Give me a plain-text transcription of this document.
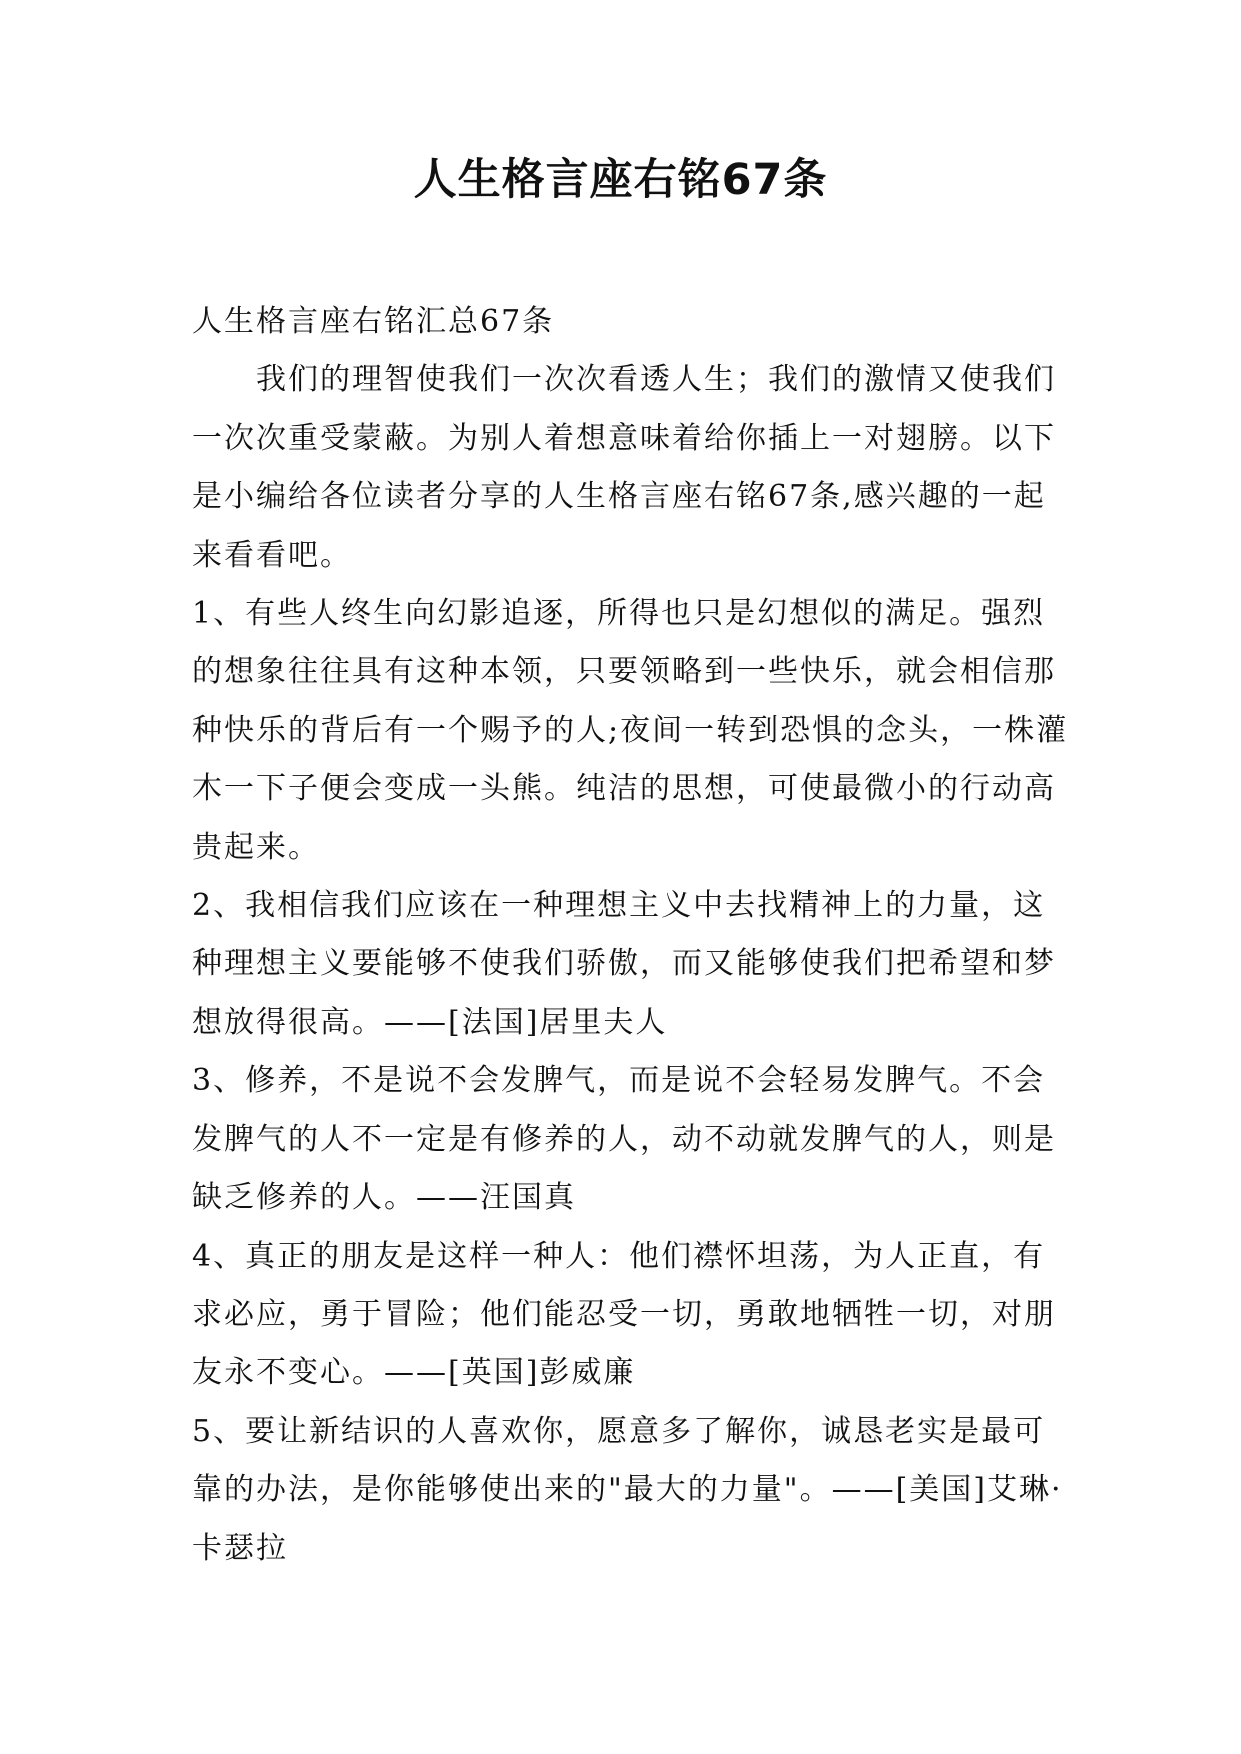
人生格言座右铭67条

人生格言座右铭汇总67条

我们的理智使我们一次次看透人生；我们的激情又使我们一次次重受蒙蔽。为别人着想意味着给你插上一对翅膀。以下是小编给各位读者分享的人生格言座右铭67条,感兴趣的一起来看看吧。

1、有些人终生向幻影追逐，所得也只是幻想似的满足。强烈的想象往往具有这种本领，只要领略到一些快乐，就会相信那种快乐的背后有一个赐予的人;夜间一转到恐惧的念头，一株灌木一下子便会变成一头熊。纯洁的思想，可使最微小的行动高贵起来。

2、我相信我们应该在一种理想主义中去找精神上的力量，这种理想主义要能够不使我们骄傲，而又能够使我们把希望和梦想放得很高。——[法国]居里夫人

3、修养，不是说不会发脾气，而是说不会轻易发脾气。不会发脾气的人不一定是有修养的人，动不动就发脾气的人，则是缺乏修养的人。——汪国真

4、真正的朋友是这样一种人：他们襟怀坦荡，为人正直，有求必应，勇于冒险；他们能忍受一切，勇敢地牺牲一切，对朋友永不变心。——[英国]彭威廉

5、要让新结识的人喜欢你，愿意多了解你，诚恳老实是最可靠的办法，是你能够使出来的"最大的力量"。——[美国]艾琳·卡瑟拉
